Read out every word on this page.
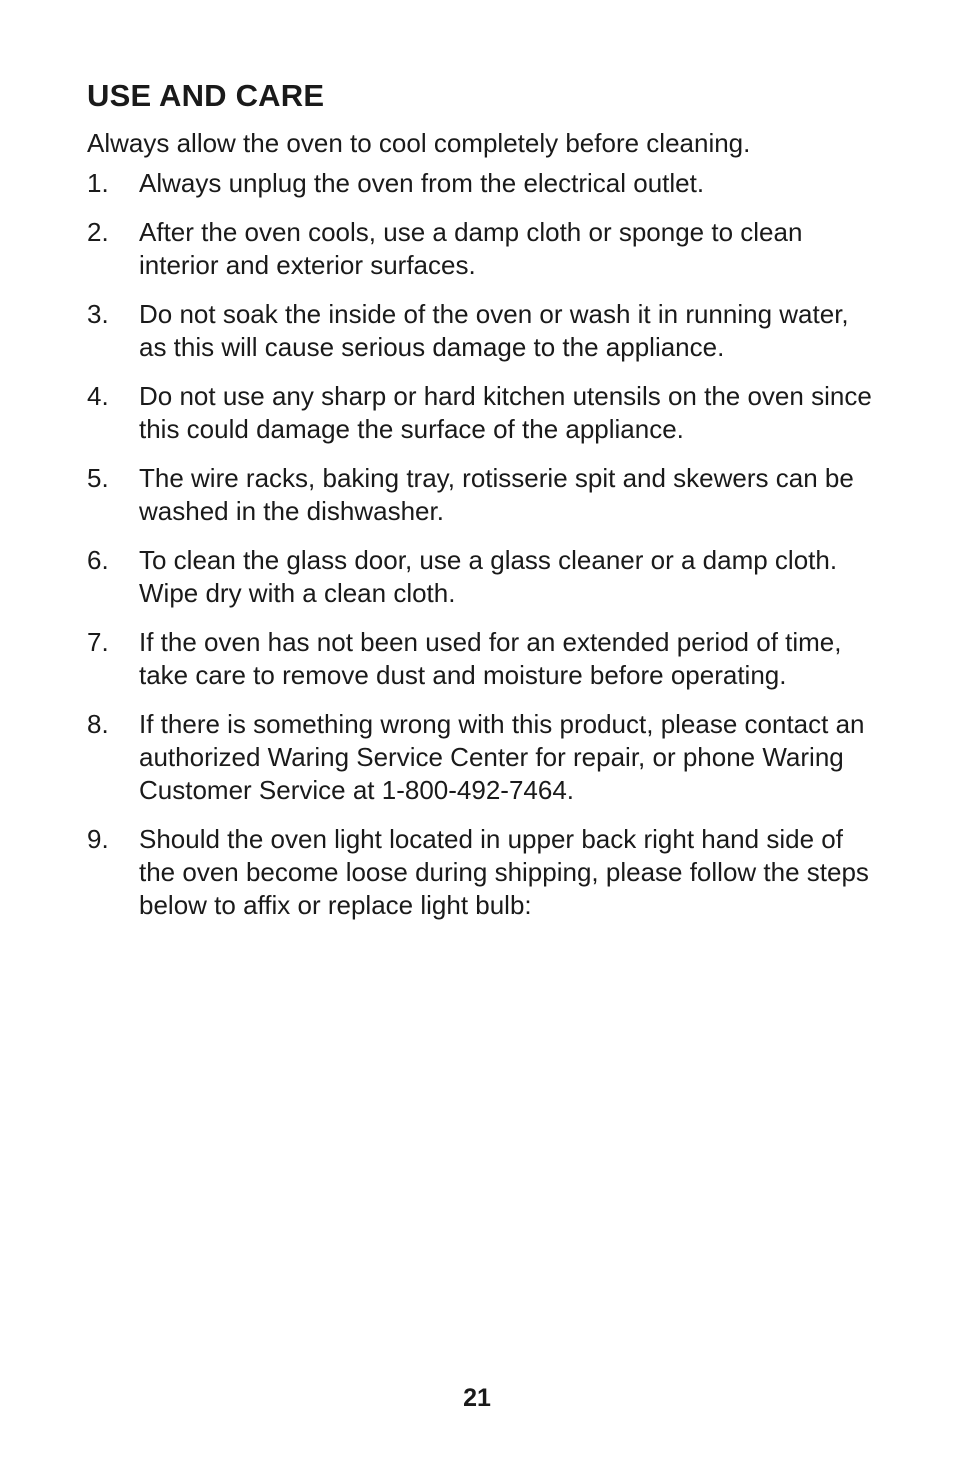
USE AND CARE

Always allow the oven to cool completely before cleaning.

1.	Always unplug the oven from the electrical outlet.
2.	After the oven cools, use a damp cloth or sponge to clean interior and exterior surfaces.
3.	Do not soak the inside of the oven or wash it in running water, as this will cause serious damage to the appliance.
4.	Do not use any sharp or hard kitchen utensils on the oven since this could damage the surface of the appliance.
5.	The wire racks, baking tray, rotisserie spit and skewers can be washed in the dishwasher.
6.	To clean the glass door, use a glass cleaner or a damp cloth. Wipe dry with a clean cloth.
7.	If the oven has not been used for an extended period of time, take care to remove dust and moisture before operating.
8.	If there is something wrong with this product, please contact an authorized Waring Service Center for repair, or phone Waring Customer Service at 1-800-492-7464.
9.	Should the oven light located in upper back right hand side of the oven become loose during shipping, please follow the steps below to affix or replace light bulb:
21
